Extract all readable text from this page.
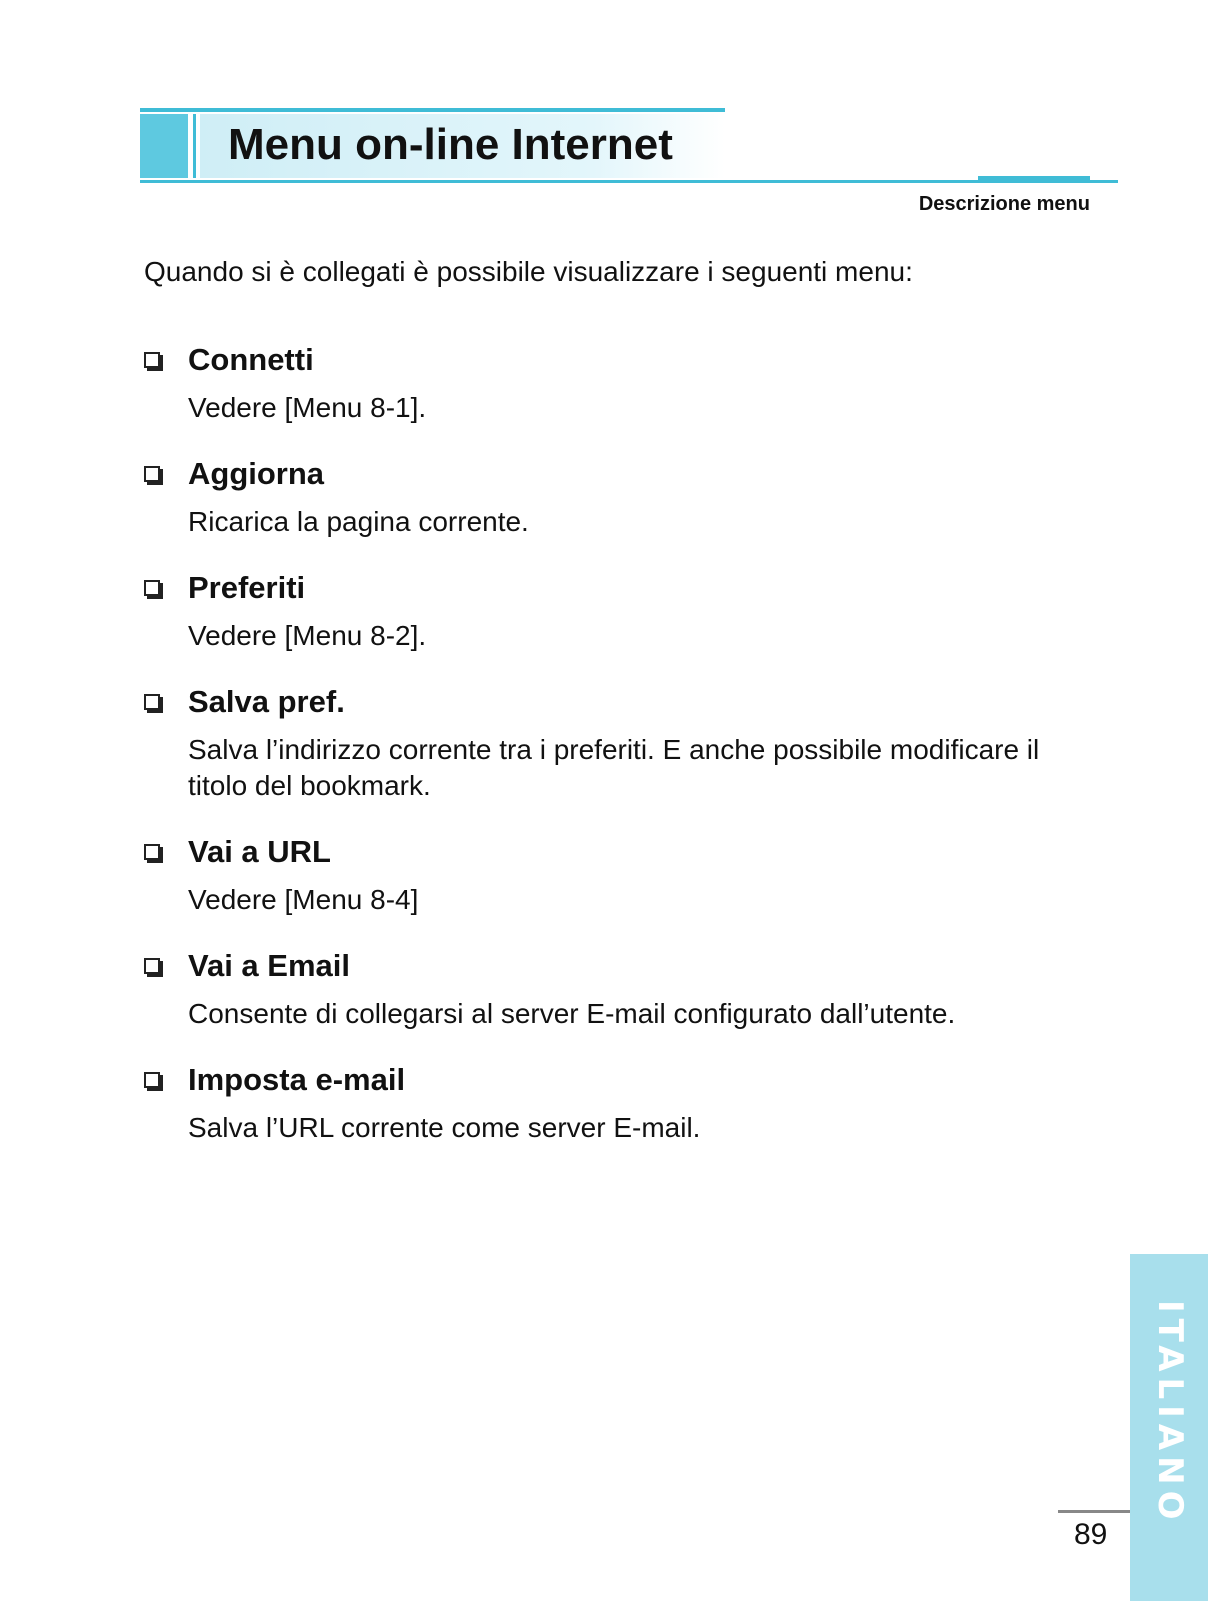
Menu on-line Internet
Descrizione menu

Quando si è collegati è possibile visualizzare i seguenti menu:

Connetti

Vedere [Menu 8-1].

Aggiorna

Ricarica la pagina corrente.

Preferiti

Vedere [Menu 8-2].

Salva pref.

Salva l’indirizzo corrente tra i preferiti. E anche possibile modificare il titolo del bookmark.

Vai a URL

Vedere [Menu 8-4]

Vai a Email

Consente di collegarsi al server E-mail configurato dall’utente.

Imposta e-mail

Salva l’URL corrente come server E-mail.

ITALIANO
89
